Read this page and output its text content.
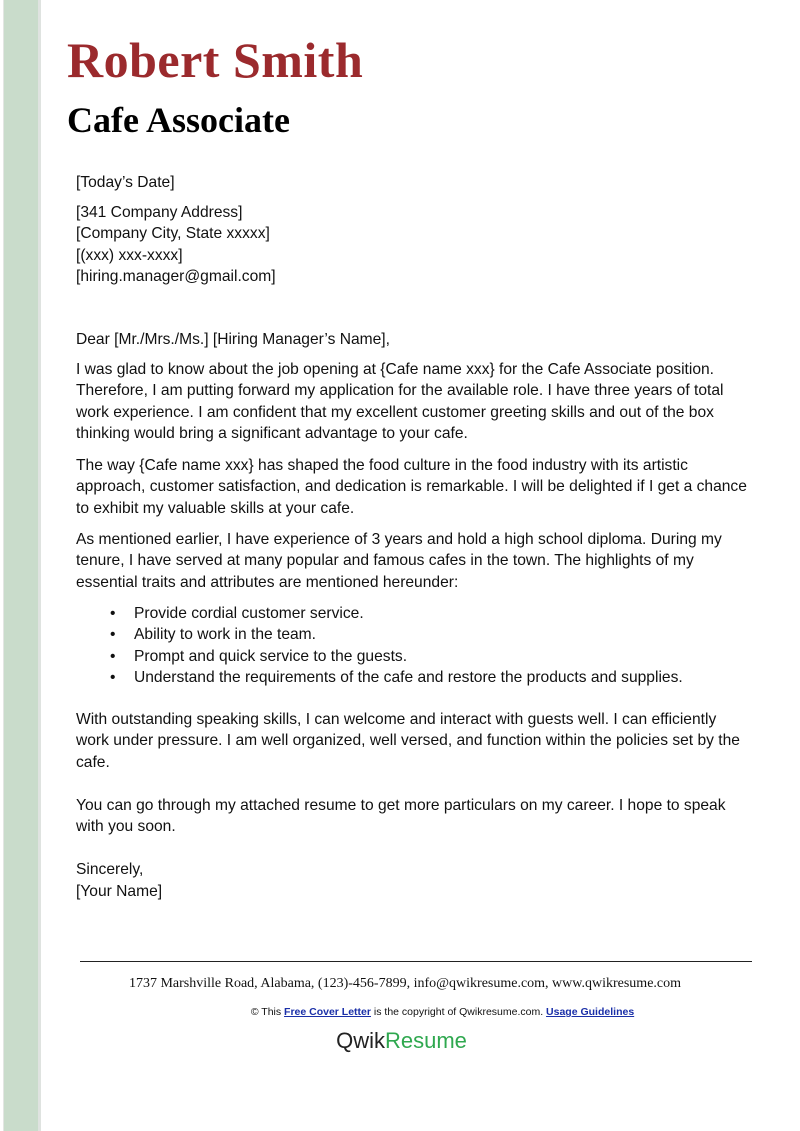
Robert Smith
Cafe Associate

[Today’s Date]

[341 Company Address]
[Company City, State xxxxx]
[(xxx) xxx-xxxx]
[hiring.manager@gmail.com]

Dear [Mr./Mrs./Ms.] [Hiring Manager’s Name],

I was glad to know about the job opening at {Cafe name xxx} for the Cafe Associate position. Therefore, I am putting forward my application for the available role. I have three years of total work experience. I am confident that my excellent customer greeting skills and out of the box thinking would bring a significant advantage to your cafe.

The way {Cafe name xxx} has shaped the food culture in the food industry with its artistic approach, customer satisfaction, and dedication is remarkable. I will be delighted if I get a chance to exhibit my valuable skills at your cafe.

As mentioned earlier, I have experience of 3 years and hold a high school diploma. During my tenure, I have served at many popular and famous cafes in the town. The highlights of my essential traits and attributes are mentioned hereunder:

• Provide cordial customer service.
• Ability to work in the team.
• Prompt and quick service to the guests.
• Understand the requirements of the cafe and restore the products and supplies.

With outstanding speaking skills, I can welcome and interact with guests well. I can efficiently work under pressure. I am well organized, well versed, and function within the policies set by the cafe.

You can go through my attached resume to get more particulars on my career. I hope to speak with you soon.

Sincerely,

[Your Name]

1737 Marshville Road, Alabama, (123)-456-7899, info@qwikresume.com, www.qwikresume.com
© This Free Cover Letter is the copyright of Qwikresume.com. Usage Guidelines
QwikResume
